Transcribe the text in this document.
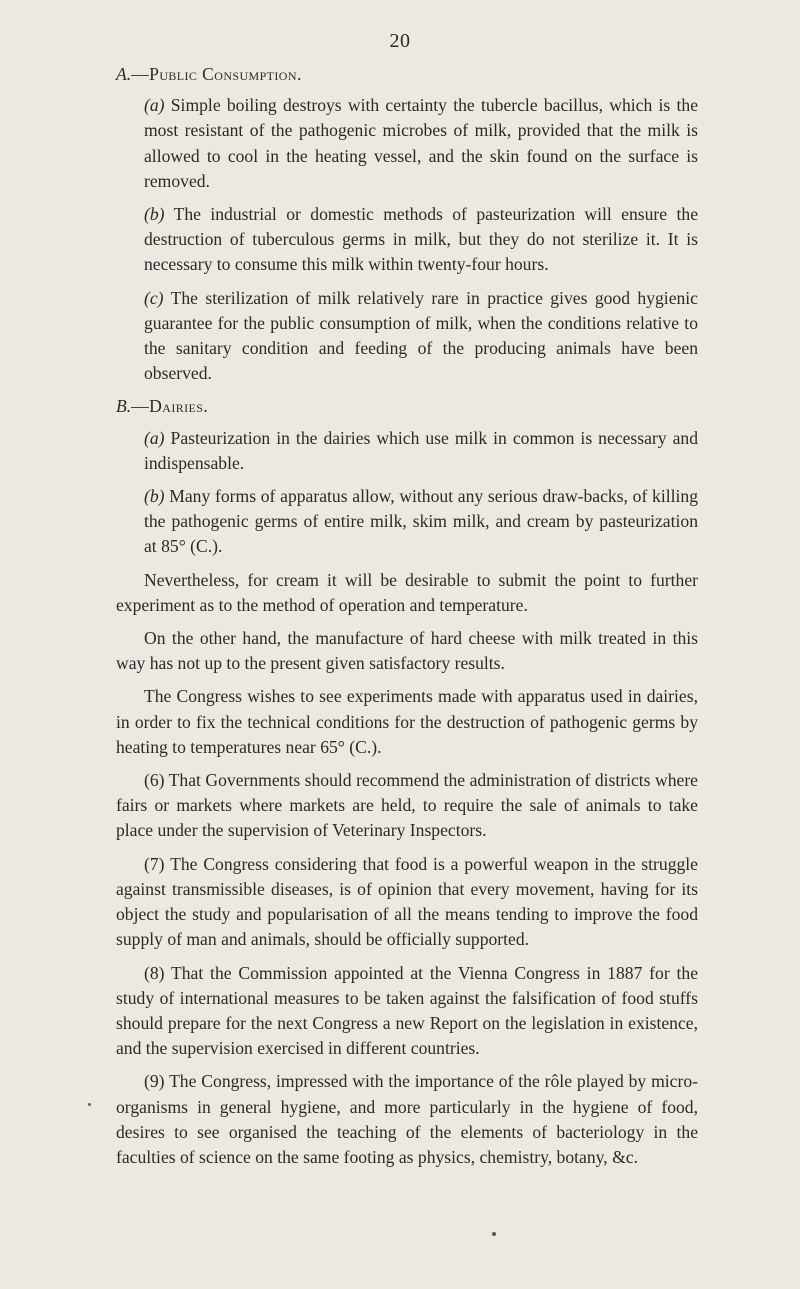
20
A.—Public Consumption.

(a) Simple boiling destroys with certainty the tubercle bacillus, which is the most resistant of the pathogenic microbes of milk, provided that the milk is allowed to cool in the heating vessel, and the skin found on the surface is removed.

(b) The industrial or domestic methods of pasteurization will ensure the destruction of tuberculous germs in milk, but they do not sterilize it. It is necessary to consume this milk within twenty-four hours.

(c) The sterilization of milk relatively rare in practice gives good hygienic guarantee for the public consumption of milk, when the conditions relative to the sanitary condition and feeding of the producing animals have been observed.

B.—Dairies.

(a) Pasteurization in the dairies which use milk in common is necessary and indispensable.

(b) Many forms of apparatus allow, without any serious draw-backs, of killing the pathogenic germs of entire milk, skim milk, and cream by pasteurization at 85° (C.).

Nevertheless, for cream it will be desirable to submit the point to further experiment as to the method of operation and temperature.

On the other hand, the manufacture of hard cheese with milk treated in this way has not up to the present given satisfactory results.

The Congress wishes to see experiments made with apparatus used in dairies, in order to fix the technical conditions for the destruction of pathogenic germs by heating to temperatures near 65° (C.).

(6) That Governments should recommend the administration of districts where fairs or markets where markets are held, to require the sale of animals to take place under the supervision of Veterinary Inspectors.

(7) The Congress considering that food is a powerful weapon in the struggle against transmissible diseases, is of opinion that every movement, having for its object the study and popularisation of all the means tending to improve the food supply of man and animals, should be officially supported.

(8) That the Commission appointed at the Vienna Congress in 1887 for the study of international measures to be taken against the falsification of food stuffs should prepare for the next Congress a new Report on the legislation in existence, and the supervision exercised in different countries.

(9) The Congress, impressed with the importance of the rôle played by micro-organisms in general hygiene, and more particularly in the hygiene of food, desires to see organised the teaching of the elements of bacteriology in the faculties of science on the same footing as physics, chemistry, botany, &c.
